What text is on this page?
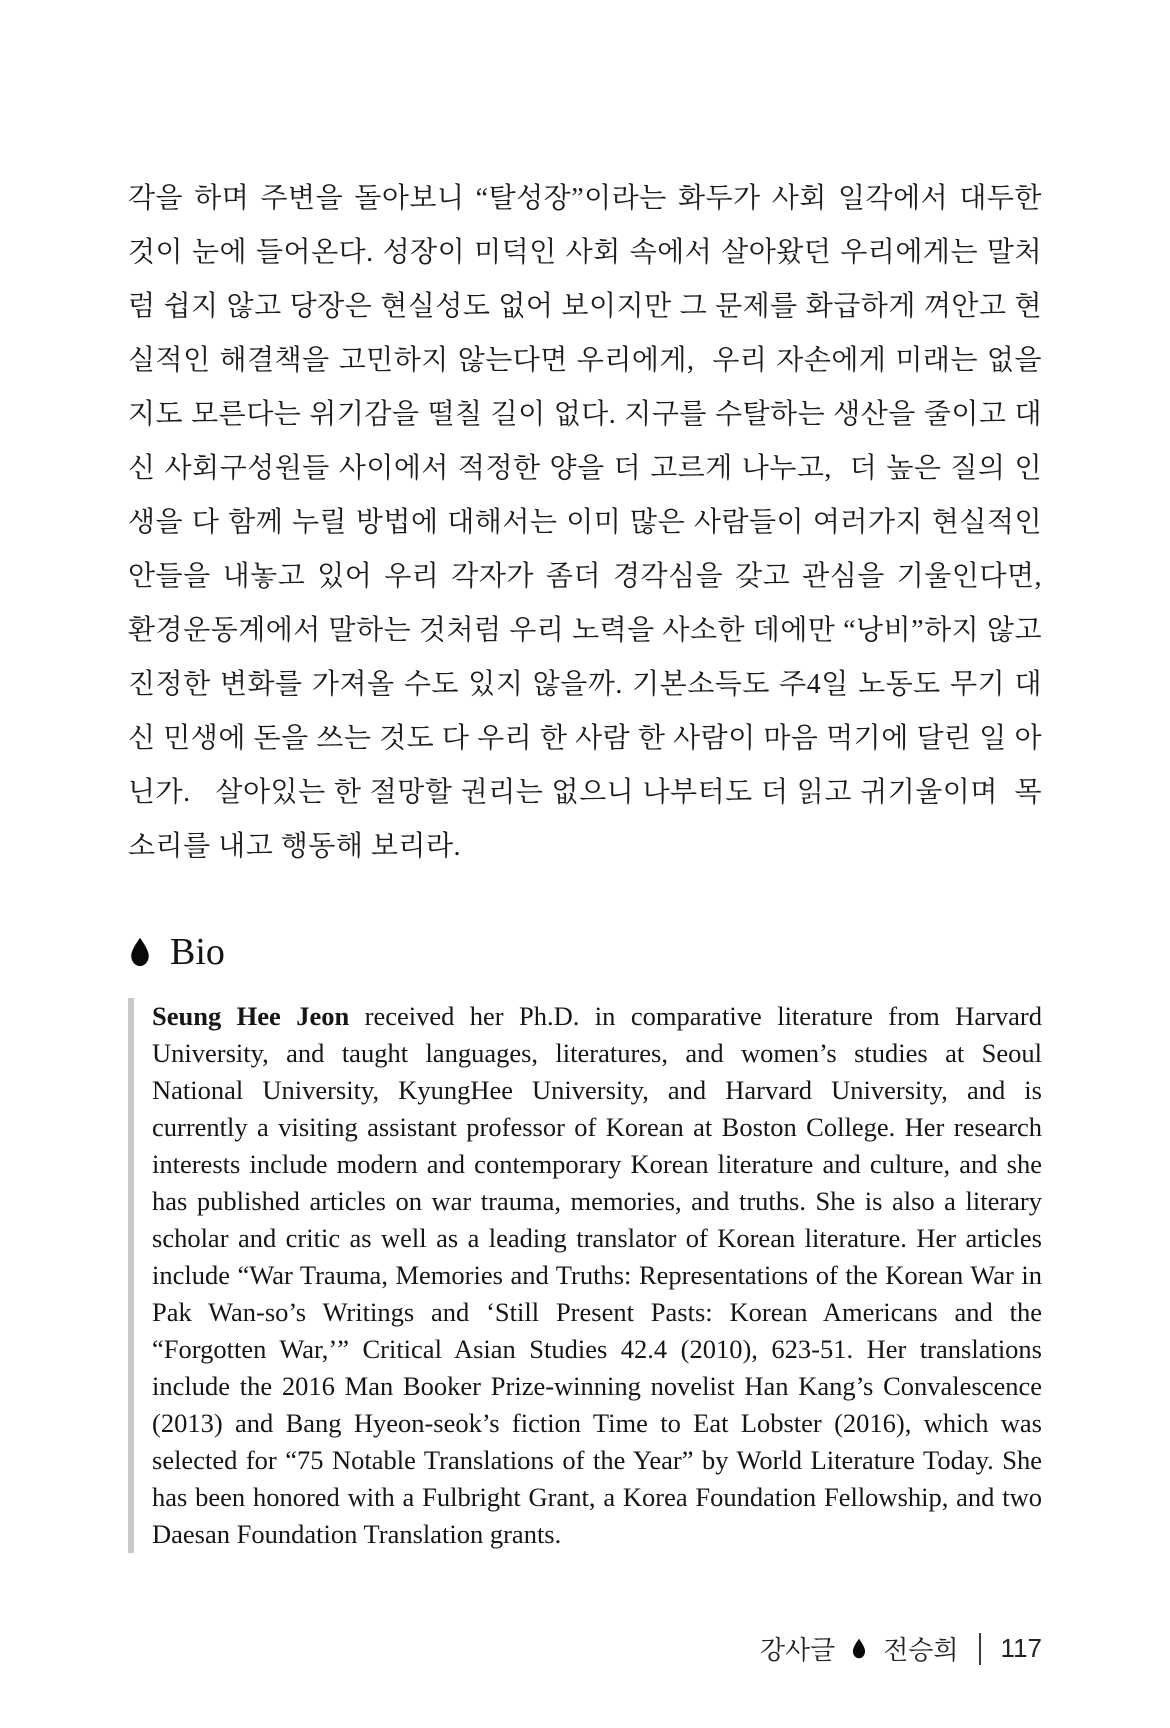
각을 하며 주변을 돌아보니 “탈성장”이라는 화두가 사회 일각에서 대두한 것이 눈에 들어온다. 성장이 미덕인 사회 속에서 살아왔던 우리에게는 말처럼 쉽지 않고 당장은 현실성도 없어 보이지만 그 문제를 화급하게 껴안고 현실적인 해결책을 고민하지 않는다면 우리에게,  우리 자손에게 미래는 없을지도 모른다는 위기감을 떨칠 길이 없다. 지구를 수탈하는 생산을 줄이고 대신 사회구성원들 사이에서 적정한 양을 더 고르게 나누고,  더 높은 질의 인생을 다 함께 누릴 방법에 대해서는 이미 많은 사람들이 여러가지 현실적인 안들을 내놓고 있어 우리 각자가 좀더 경각심을 갖고 관심을 기울인다면,  환경운동계에서 말하는 것처럼 우리 노력을 사소한 데에만 “낭비”하지 않고 진정한 변화를 가져올 수도 있지 않을까. 기본소득도 주4일 노동도 무기 대신 민생에 돈을 쓰는 것도 다 우리 한 사람 한 사람이 마음 먹기에 달린 일 아닌가.   살아있는 한 절망할 권리는 없으니 나부터도 더 읽고 귀기울이며  목소리를 내고 행동해 보리라.

Bio

Seung Hee Jeon received her Ph.D. in comparative literature from Harvard University, and taught languages, literatures, and women’s studies at Seoul National University, KyungHee University, and Harvard University, and is currently a visiting assistant professor of Korean at Boston College. Her research interests include modern and contemporary Korean literature and culture, and she has published articles on war trauma, memories, and truths. She is also a literary scholar and critic as well as a leading translator of Korean literature. Her articles include “War Trauma, Memories and Truths: Representations of the Korean War in Pak Wan-so’s Writings and ‘Still Present Pasts: Korean Americans and the “Forgotten War,’” Critical Asian Studies 42.4 (2010), 623-51. Her translations include the 2016 Man Booker Prize-winning novelist Han Kang’s Convalescence (2013) and Bang Hyeon-seok’s fiction Time to Eat Lobster (2016), which was selected for “75 Notable Translations of the Year” by World Literature Today. She has been honored with a Fulbright Grant, a Korea Foundation Fellowship, and two Daesan Foundation Translation grants.

강사글 전승희 117
